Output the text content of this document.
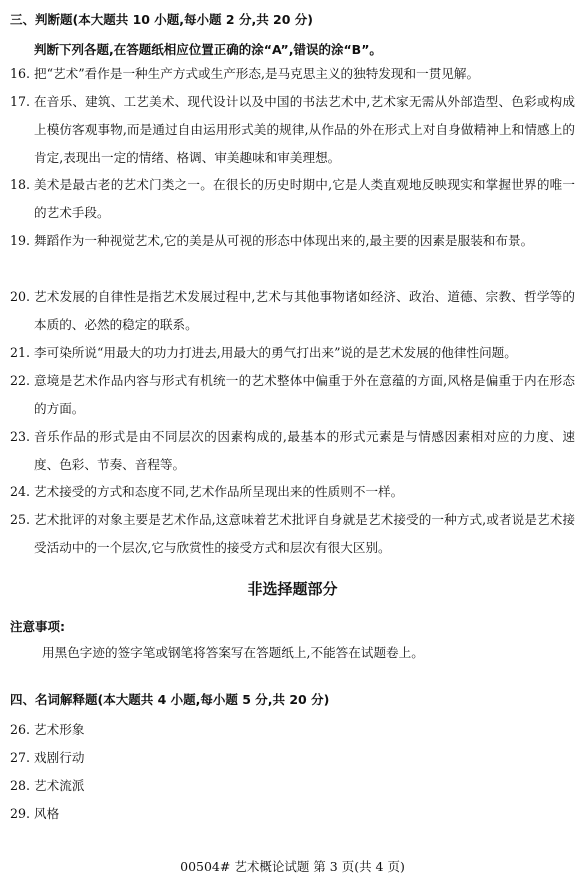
三、判断题(本大题共 10 小题,每小题 2 分,共 20 分)
判断下列各题,在答题纸相应位置正确的涂“A”,错误的涂“B”。
16. 把“艺术”看作是一种生产方式或生产形态,是马克思主义的独特发现和一贯见解。
17. 在音乐、建筑、工艺美术、现代设计以及中国的书法艺术中,艺术家无需从外部造型、色彩或构成上模仿客观事物,而是通过自由运用形式美的规律,从作品的外在形式上对自身做精神上和情感上的肯定,表现出一定的情绪、格调、审美趣味和审美理想。
18. 美术是最古老的艺术门类之一。在很长的历史时期中,它是人类直观地反映现实和掌握世界的唯一的艺术手段。
19. 舞蹈作为一种视觉艺术,它的美是从可视的形态中体现出来的,最主要的因素是服装和布景。
20. 艺术发展的自律性是指艺术发展过程中,艺术与其他事物诸如经济、政治、道德、宗教、哲学等的本质的、必然的稳定的联系。
21. 李可染所说“用最大的功力打进去,用最大的勇气打出来”说的是艺术发展的他律性问题。
22. 意境是艺术作品内容与形式有机统一的艺术整体中偏重于外在意蕴的方面,风格是偏重于内在形态的方面。
23. 音乐作品的形式是由不同层次的因素构成的,最基本的形式元素是与情感因素相对应的力度、速度、色彩、节奏、音程等。
24. 艺术接受的方式和态度不同,艺术作品所呈现出来的性质则不一样。
25. 艺术批评的对象主要是艺术作品,这意味着艺术批评自身就是艺术接受的一种方式,或者说是艺术接受活动中的一个层次,它与欣赏性的接受方式和层次有很大区别。
非选择题部分
注意事项:
用黑色字迹的签字笔或钢笔将答案写在答题纸上,不能答在试题卷上。
四、名词解释题(本大题共 4 小题,每小题 5 分,共 20 分)
26. 艺术形象
27. 戏剧行动
28. 艺术流派
29. 风格
00504# 艺术概论试题 第 3 页(共 4 页)
